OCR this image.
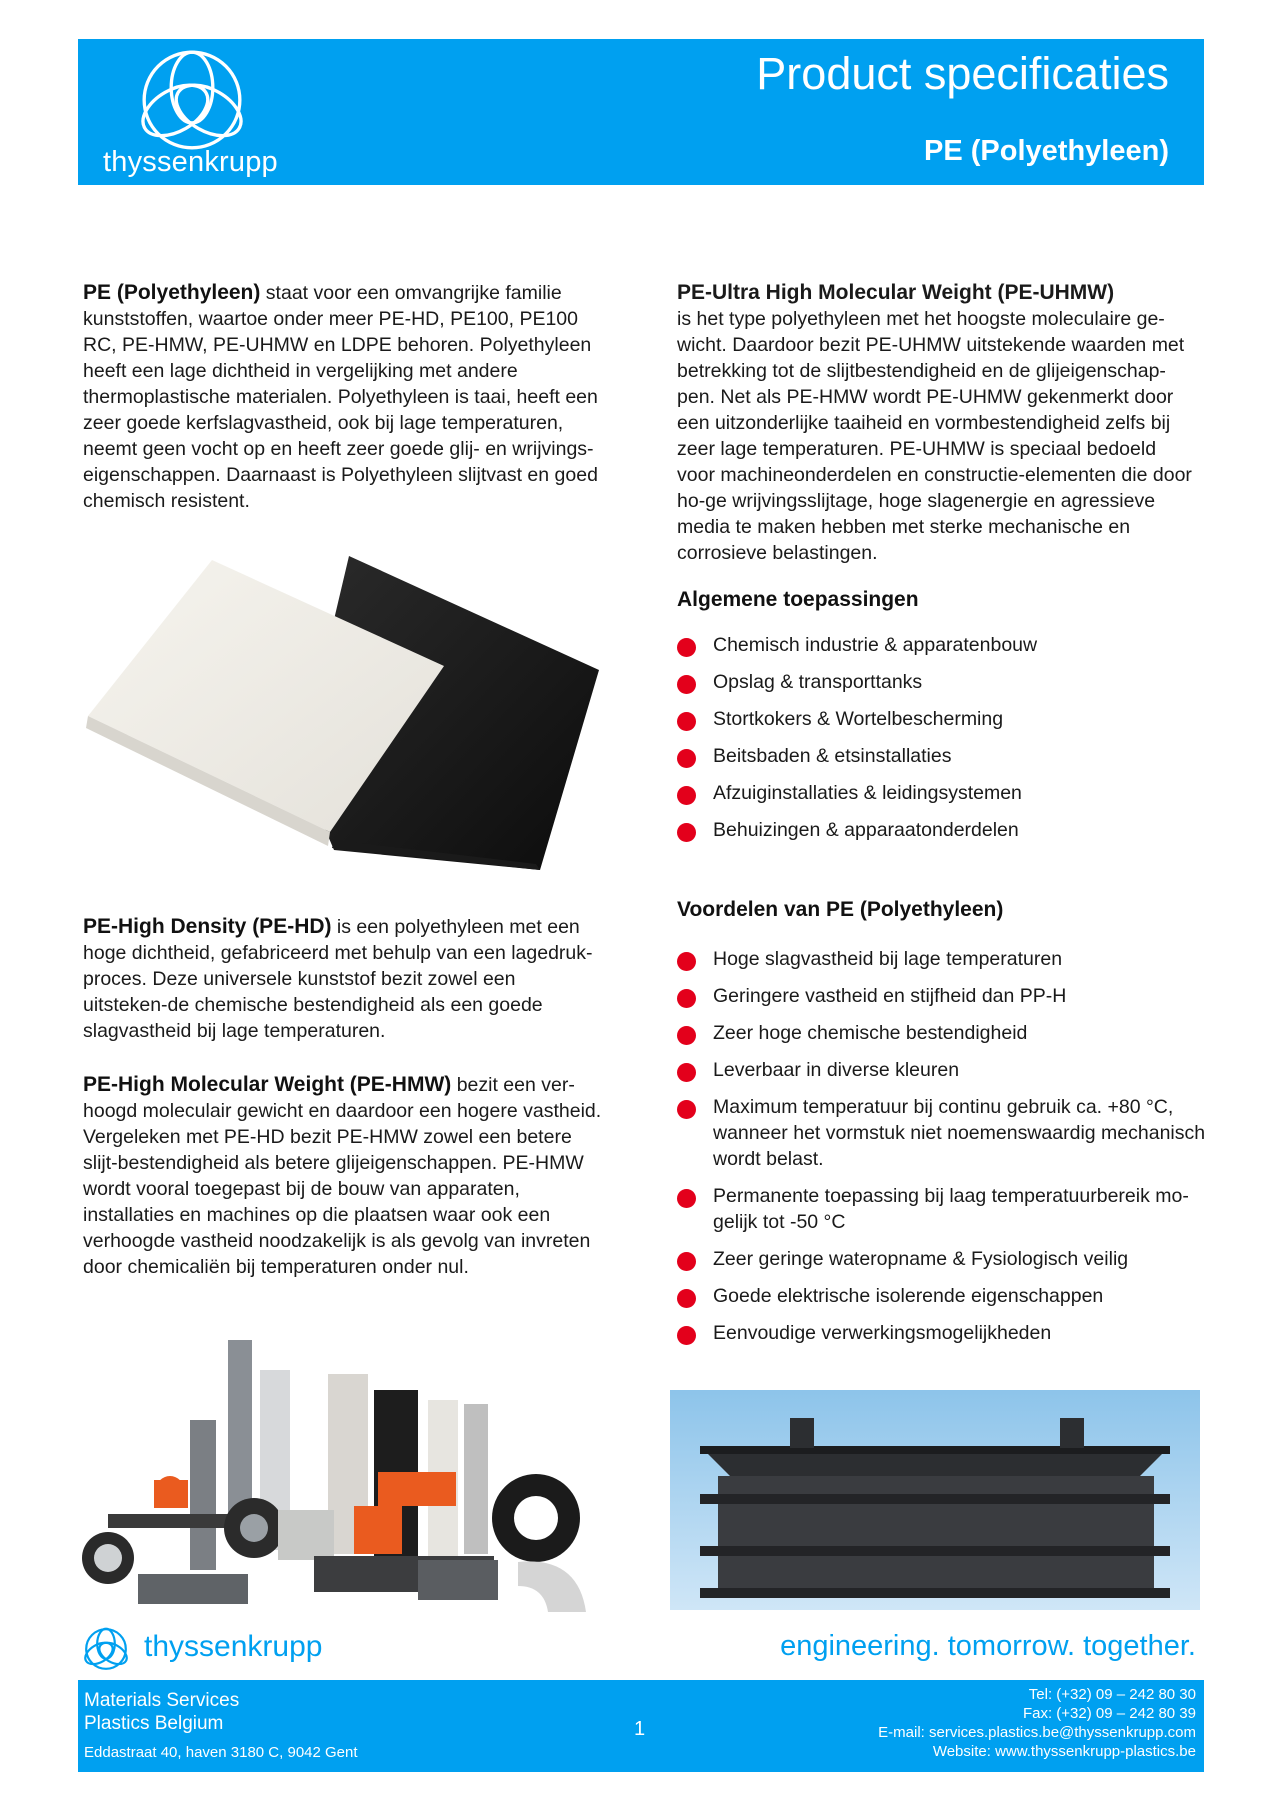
thyssenkrupp
Product specificaties
PE (Polyethyleen)

PE (Polyethyleen) staat voor een omvangrijke familie kunststoffen, waartoe onder meer PE-HD, PE100, PE100 RC, PE-HMW, PE-UHMW en LDPE behoren. Polyethyleen heeft een lage dichtheid in vergelijking met andere thermoplastische materialen. Polyethyleen is taai, heeft een zeer goede kerfslagvastheid, ook bij lage temperaturen, neemt geen vocht op en heeft zeer goede glij- en wrijvings-eigenschappen. Daarnaast is Polyethyleen slijtvast en goed chemisch resistent.

PE-Ultra High Molecular Weight (PE-UHMW)
is het type polyethyleen met het hoogste moleculaire ge-wicht. Daardoor bezit PE-UHMW uitstekende waarden met betrekking tot de slijtbestendigheid en de glijeigenschap-pen. Net als PE-HMW wordt PE-UHMW gekenmerkt door een uitzonderlijke taaiheid en vormbestendigheid zelfs bij zeer lage temperaturen. PE-UHMW is speciaal bedoeld voor machineonderdelen en constructie-elementen die door ho-ge wrijvingsslijtage, hoge slagenergie en agressieve media te maken hebben met sterke mechanische en corrosieve belastingen.
Algemene toepassingen
Chemisch industrie & apparatenbouw
Opslag & transporttanks
Stortkokers & Wortelbescherming
Beitsbaden & etsinstallaties
Afzuiginstallaties & leidingsystemen
Behuizingen & apparaatonderdelen

PE-High Density (PE-HD) is een polyethyleen met een hoge dichtheid, gefabriceerd met behulp van een lagedruk-proces. Deze universele kunststof bezit zowel een uitsteken-de chemische bestendigheid als een goede slagvastheid bij lage temperaturen.

PE-High Molecular Weight (PE-HMW) bezit een ver-hoogd moleculair gewicht en daardoor een hogere vastheid. Vergeleken met PE-HD bezit PE-HMW zowel een betere slijt-bestendigheid als betere glijeigenschappen. PE-HMW wordt vooral toegepast bij de bouw van apparaten, installaties en machines op die plaatsen waar ook een verhoogde vastheid noodzakelijk is als gevolg van invreten door chemicaliën bij temperaturen onder nul.

Voordelen van PE (Polyethyleen)
Hoge slagvastheid bij lage temperaturen
Geringere vastheid en stijfheid dan PP-H
Zeer hoge chemische bestendigheid
Leverbaar in diverse kleuren
Maximum temperatuur bij continu gebruik ca. +80 °C, wanneer het vormstuk niet noemenswaardig mechanisch wordt belast.
Permanente toepassing bij laag temperatuurbereik mo-gelijk tot -50 °C
Zeer geringe wateropname & Fysiologisch veilig
Goede elektrische isolerende eigenschappen
Eenvoudige verwerkingsmogelijkheden
thyssenkrupp	engineering. tomorrow. together.
Materials Services
Plastics Belgium
Eddastraat 40, haven 3180 C, 9042 Gent
1
Tel: (+32) 09 – 242 80 30
Fax: (+32) 09 – 242 80 39
E-mail: services.plastics.be@thyssenkrupp.com
Website: www.thyssenkrupp-plastics.be
